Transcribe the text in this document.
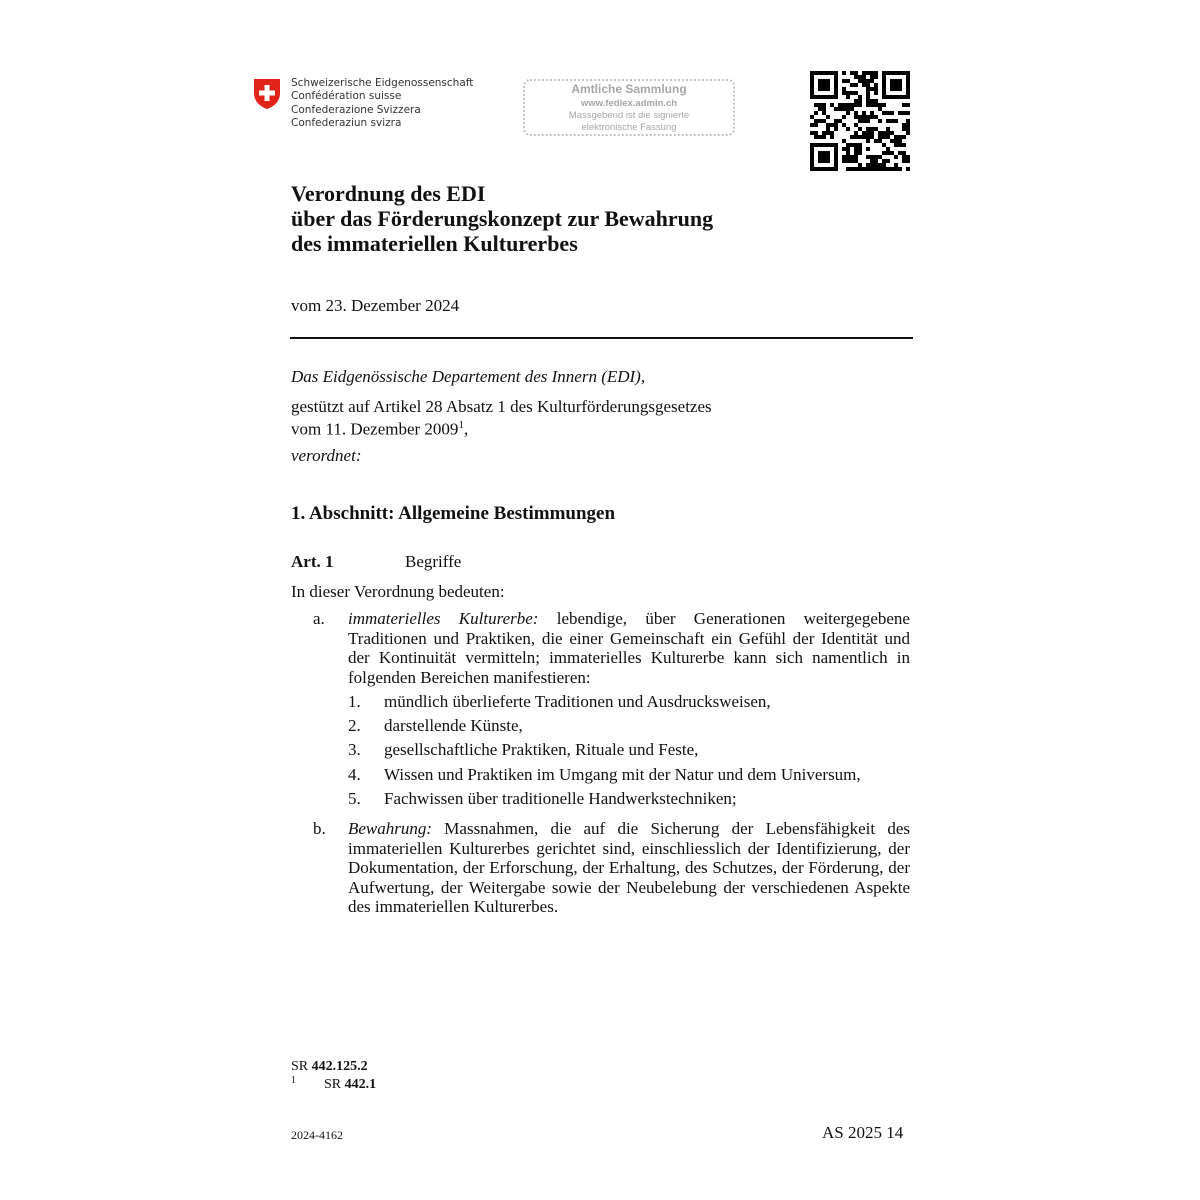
Schweizerische Eidgenossenschaft
Confédération suisse
Confederazione Svizzera
Confederaziun svizra
Amtliche Sammlung
www.fedlex.admin.ch
Massgebend ist die signierte
elektronische Fassung
Verordnung des EDI
über das Förderungskonzept zur Bewahrung
des immateriellen Kulturerbes
vom 23. Dezember 2024

Das Eidgenössische Departement des Innern (EDI),

gestützt auf Artikel 28 Absatz 1 des Kulturförderungsgesetzes

vom 11. Dezember 2009$^1$,

verordnet:

1. Abschnitt: Allgemeine Bestimmungen
Art. 1	Begriffe
In dieser Verordnung bedeuten:
a. immaterielles Kulturerbe: lebendige, über Generationen weitergegebene Traditionen und Praktiken, die einer Gemeinschaft ein Gefühl der Identität und der Kontinuität vermitteln; immaterielles Kulturerbe kann sich namentlich in folgenden Bereichen manifestieren:
1. mündlich überlieferte Traditionen und Ausdrucksweisen,
2. darstellende Künste,
3. gesellschaftliche Praktiken, Rituale und Feste,
4. Wissen und Praktiken im Umgang mit der Natur und dem Universum,
5. Fachwissen über traditionelle Handwerkstechniken;
b. Bewahrung: Massnahmen, die auf die Sicherung der Lebensfähigkeit des immateriellen Kulturerbes gerichtet sind, einschliesslich der Identifizierung, der Dokumentation, der Erforschung, der Erhaltung, des Schutzes, der Förderung, der Aufwertung, der Weitergabe sowie der Neubelebung der verschiedenen Aspekte des immateriellen Kulturerbes.
SR 442.125.2
$^1$ SR 442.1
2024-4162	AS 2025 14
